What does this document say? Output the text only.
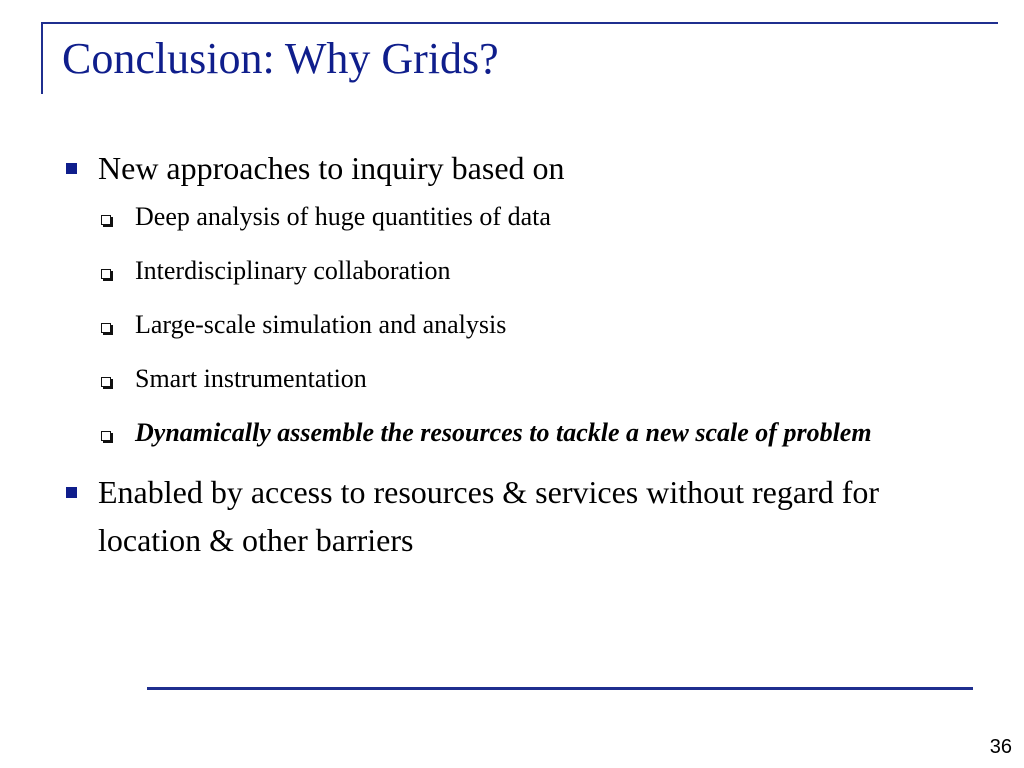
Conclusion: Why Grids?
New approaches to inquiry based on
Deep analysis of huge quantities of data
Interdisciplinary collaboration
Large-scale simulation and analysis
Smart instrumentation
Dynamically assemble the resources to tackle a new scale of problem
Enabled by access to resources & services without regard for location & other barriers
36
